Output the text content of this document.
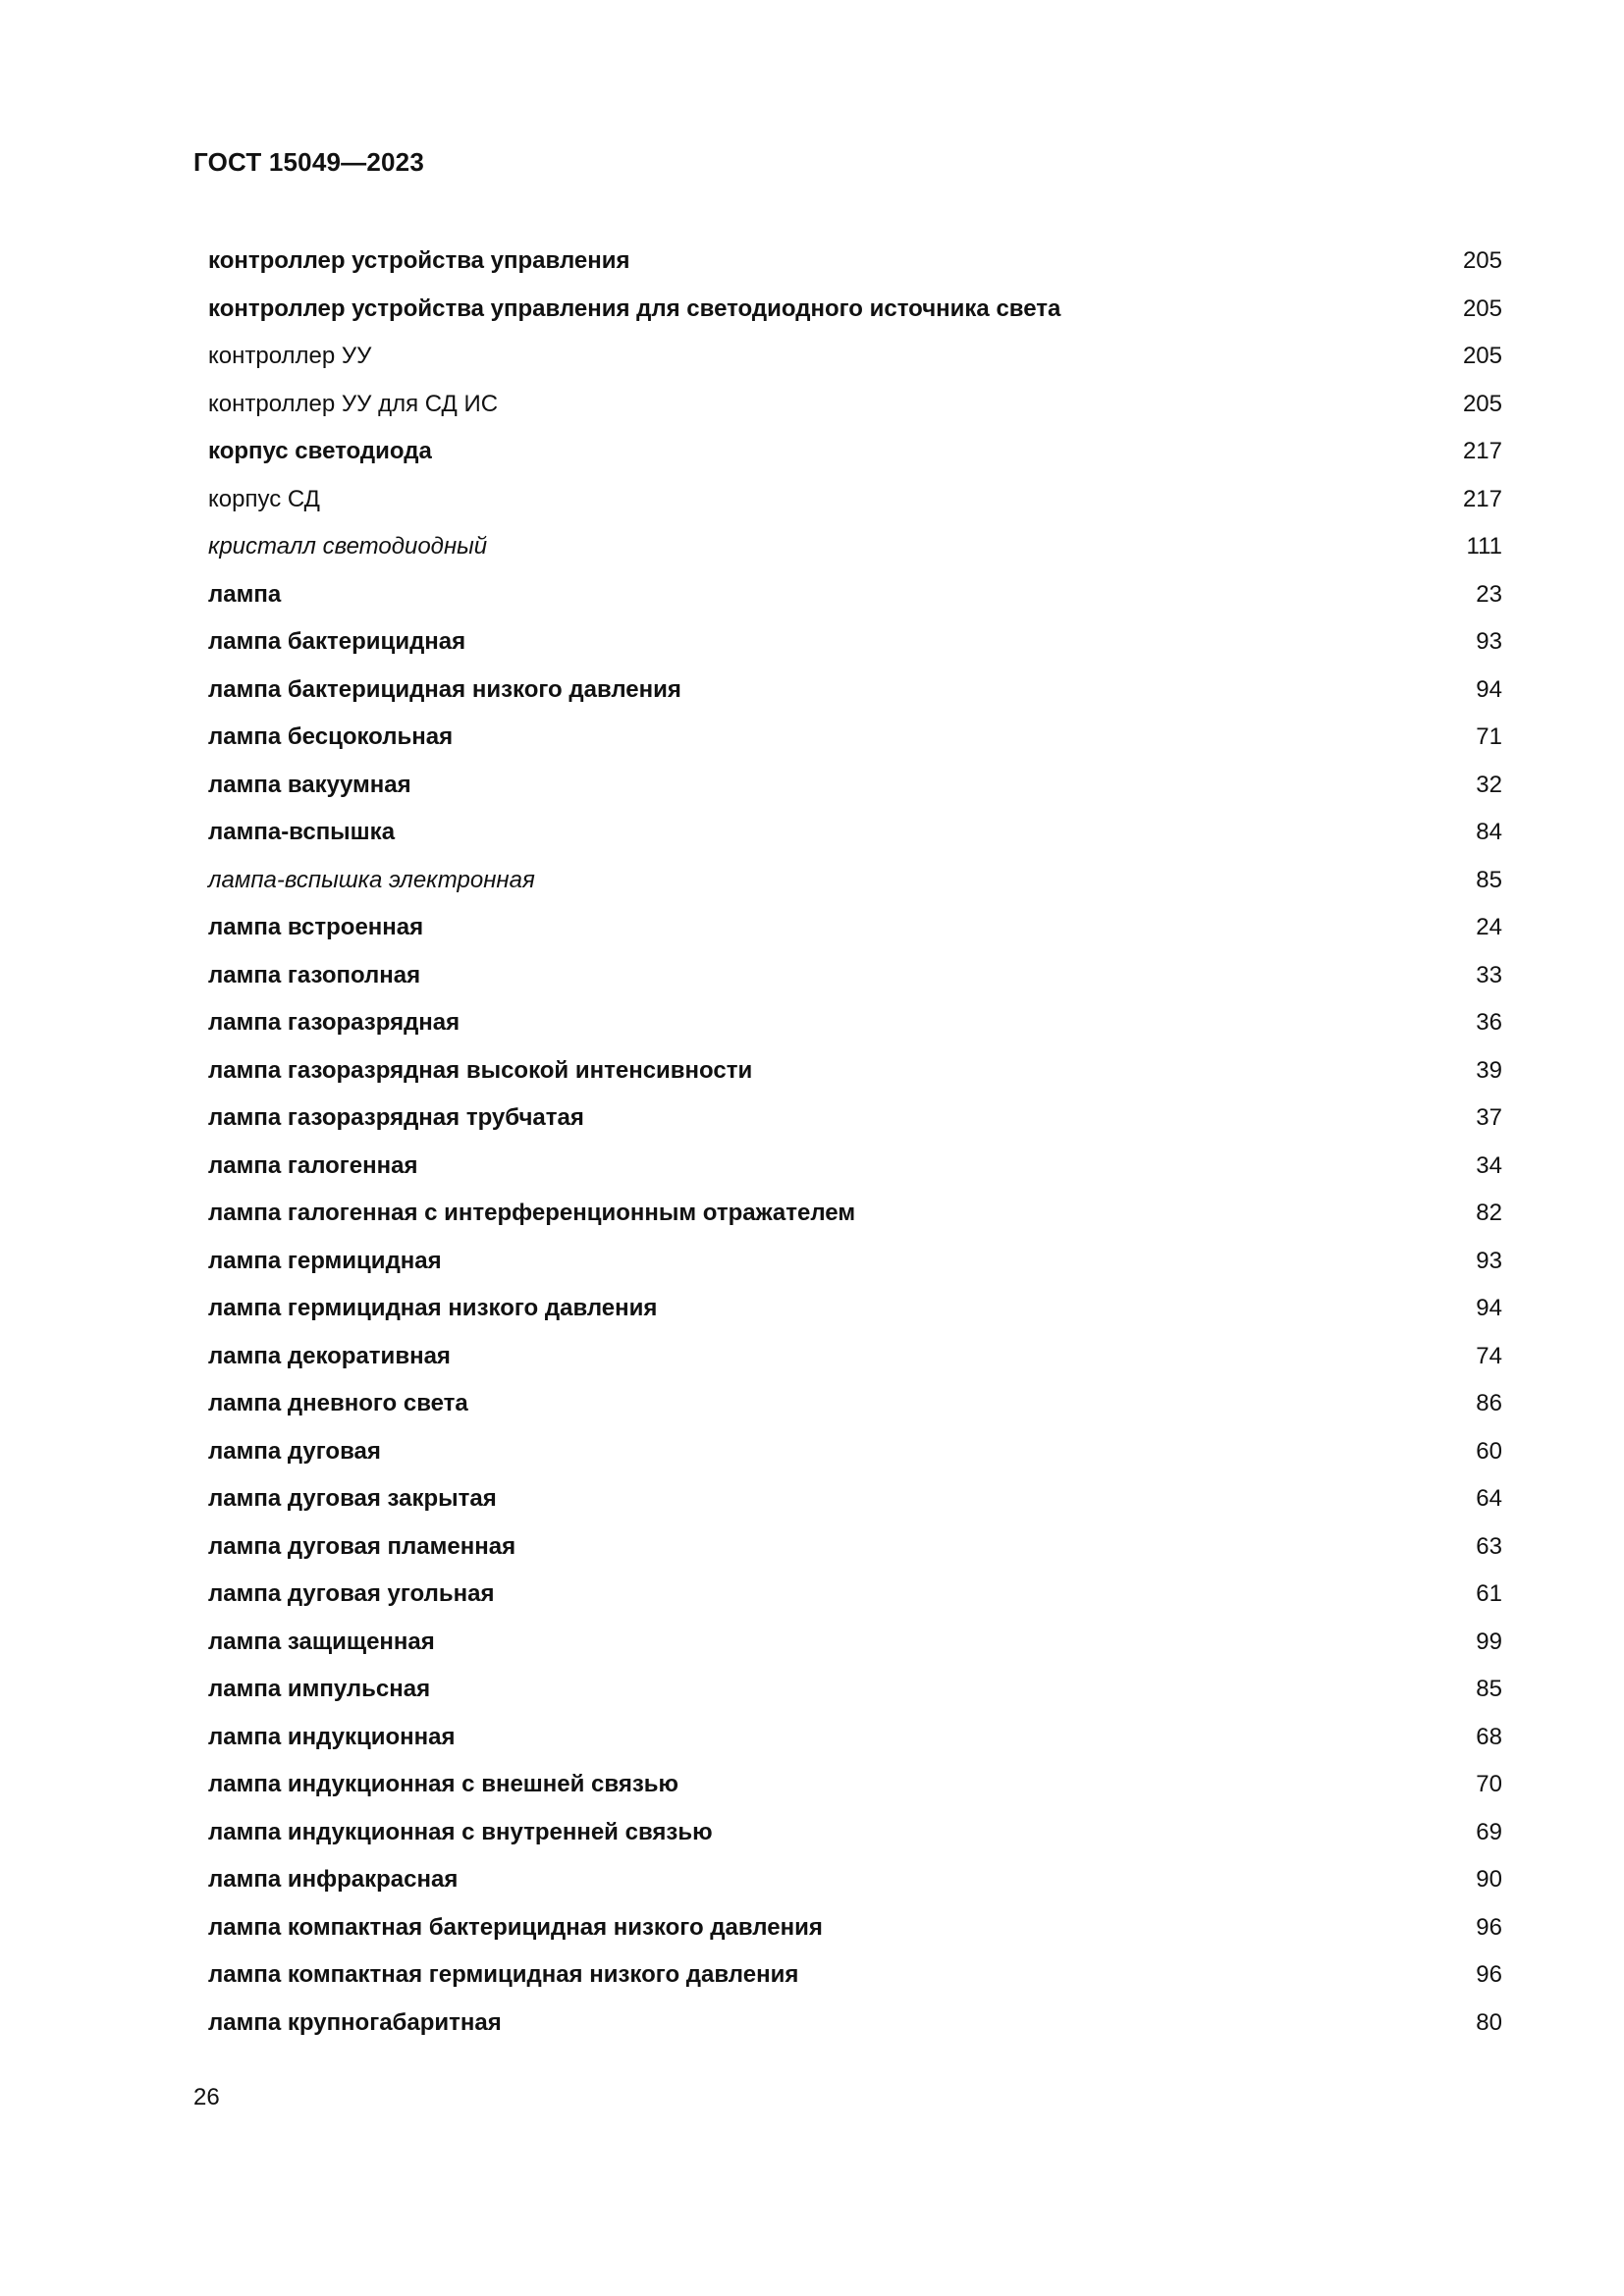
ГОСТ 15049—2023
контроллер устройства управления	205
контроллер устройства управления для светодиодного источника света	205
контроллер УУ	205
контроллер УУ для СД ИС	205
корпус светодиода	217
корпус СД	217
кристалл светодиодный	111
лампа	23
лампа бактерицидная	93
лампа бактерицидная низкого давления	94
лампа бесцокольная	71
лампа вакуумная	32
лампа-вспышка	84
лампа-вспышка электронная	85
лампа встроенная	24
лампа газополная	33
лампа газоразрядная	36
лампа газоразрядная высокой интенсивности	39
лампа газоразрядная трубчатая	37
лампа галогенная	34
лампа галогенная с интерференционным отражателем	82
лампа гермицидная	93
лампа гермицидная низкого давления	94
лампа декоративная	74
лампа дневного света	86
лампа дуговая	60
лампа дуговая закрытая	64
лампа дуговая пламенная	63
лампа дуговая угольная	61
лампа защищенная	99
лампа импульсная	85
лампа индукционная	68
лампа индукционная с внешней связью	70
лампа индукционная с внутренней связью	69
лампа инфракрасная	90
лампа компактная бактерицидная низкого давления	96
лампа компактная гермицидная низкого давления	96
лампа крупногабаритная	80
26
